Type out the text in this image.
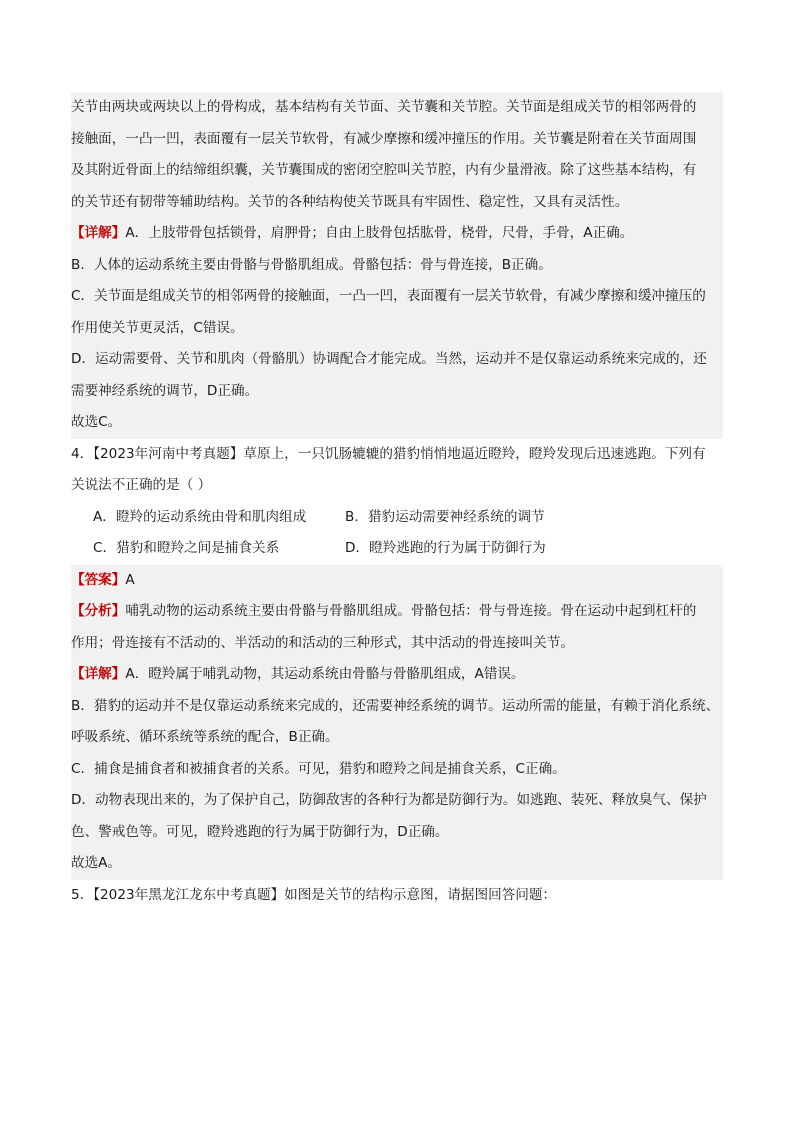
关节由两块或两块以上的骨构成，基本结构有关节面、关节囊和关节腔。关节面是组成关节的相邻两骨的
接触面，一凸一凹，表面覆有一层关节软骨，有减少摩擦和缓冲撞压的作用。关节囊是附着在关节面周围
及其附近骨面上的结缔组织囊，关节囊围成的密闭空腔叫关节腔，内有少量滑液。除了这些基本结构，有
的关节还有韧带等辅助结构。关节的各种结构使关节既具有牢固性、稳定性，又具有灵活性。
【详解】A．上肢带骨包括锁骨，肩胛骨；自由上肢骨包括肱骨，桡骨，尺骨，手骨，A正确。
B．人体的运动系统主要由骨骼与骨骼肌组成。骨骼包括：骨与骨连接，B正确。
C．关节面是组成关节的相邻两骨的接触面，一凸一凹，表面覆有一层关节软骨，有减少摩擦和缓冲撞压的
作用使关节更灵活，C错误。
D．运动需要骨、关节和肌肉（骨骼肌）协调配合才能完成。当然，运动并不是仅靠运动系统来完成的，还
需要神经系统的调节，D正确。
故选C。
4．【2023年河南中考真题】草原上，一只饥肠辘辘的猎豹悄悄地逼近瞪羚，瞪羚发现后迅速逃跑。下列有
关说法不正确的是（ ）
A．瞪羚的运动系统由骨和肌肉组成	B．猎豹运动需要神经系统的调节
C．猎豹和瞪羚之间是捕食关系	D．瞪羚逃跑的行为属于防御行为
【答案】A
【分析】哺乳动物的运动系统主要由骨骼与骨骼肌组成。骨骼包括：骨与骨连接。骨在运动中起到杠杆的
作用；骨连接有不活动的、半活动的和活动的三种形式，其中活动的骨连接叫关节。
【详解】A．瞪羚属于哺乳动物，其运动系统由骨骼与骨骼肌组成，A错误。
B．猎豹的运动并不是仅靠运动系统来完成的，还需要神经系统的调节。运动所需的能量，有赖于消化系统、
呼吸系统、循环系统等系统的配合，B正确。
C．捕食是捕食者和被捕食者的关系。可见，猎豹和瞪羚之间是捕食关系，C正确。
D．动物表现出来的，为了保护自己，防御敌害的各种行为都是防御行为。如逃跑、装死、释放臭气、保护
色、警戒色等。可见，瞪羚逃跑的行为属于防御行为，D正确。
故选A。
5．【2023年黑龙江龙东中考真题】如图是关节的结构示意图，请据图回答问题：
